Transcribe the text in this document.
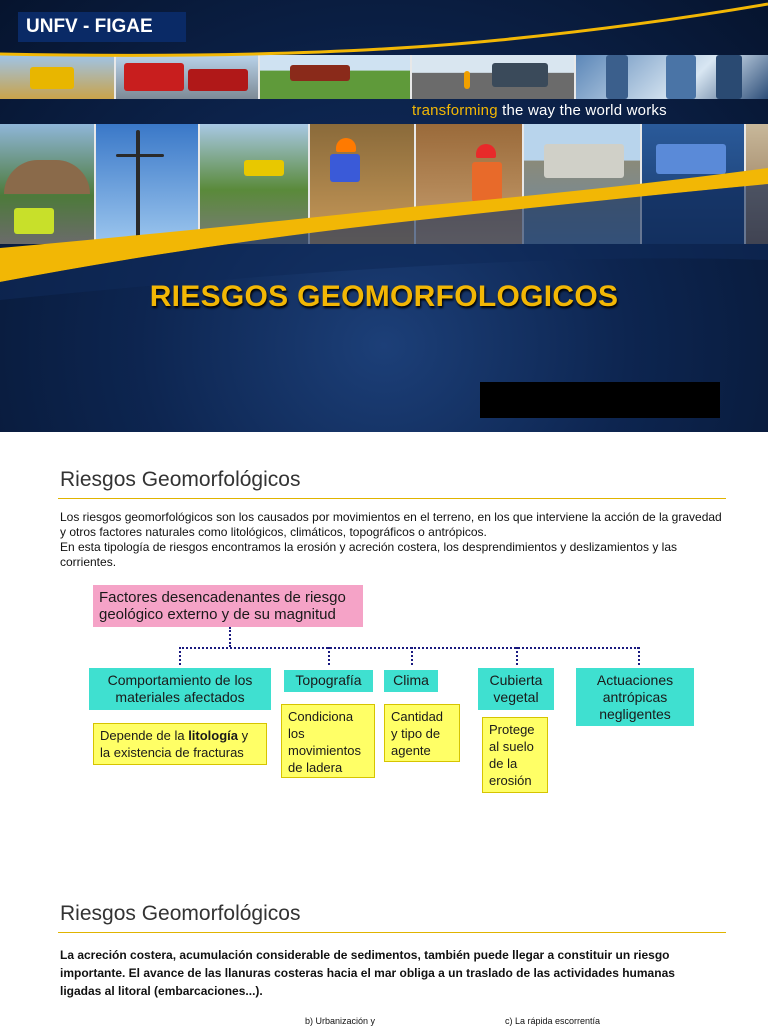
UNFV - FIGAE
transforming the way the world works
RIESGOS GEOMORFOLOGICOS
Riesgos Geomorfológicos
Los riesgos geomorfológicos son los causados por movimientos en el terreno, en los que interviene la acción de la gravedad y otros factores naturales como litológicos, climáticos, topográficos o antrópicos.
En esta tipología de riesgos encontramos la erosión y acreción costera, los desprendimientos y deslizamientos y las corrientes.
Factores desencadenantes de riesgo geológico externo y de su magnitud
Comportamiento de los materiales afectados
Topografía	Clima	Cubierta vegetal
Actuaciones antrópicas negligentes
Depende de la litología y la existencia de fracturas
Condiciona los movimientos de ladera
Cantidad y tipo de agente
Protege al suelo de la erosión
Riesgos Geomorfológicos
La acreción costera, acumulación considerable de sedimentos, también puede llegar a constituir un riesgo importante. El avance de las llanuras costeras hacia el mar obliga a un traslado de las actividades humanas ligadas al litoral (embarcaciones...).
b) Urbanización y	c) La rápida escorrentía
